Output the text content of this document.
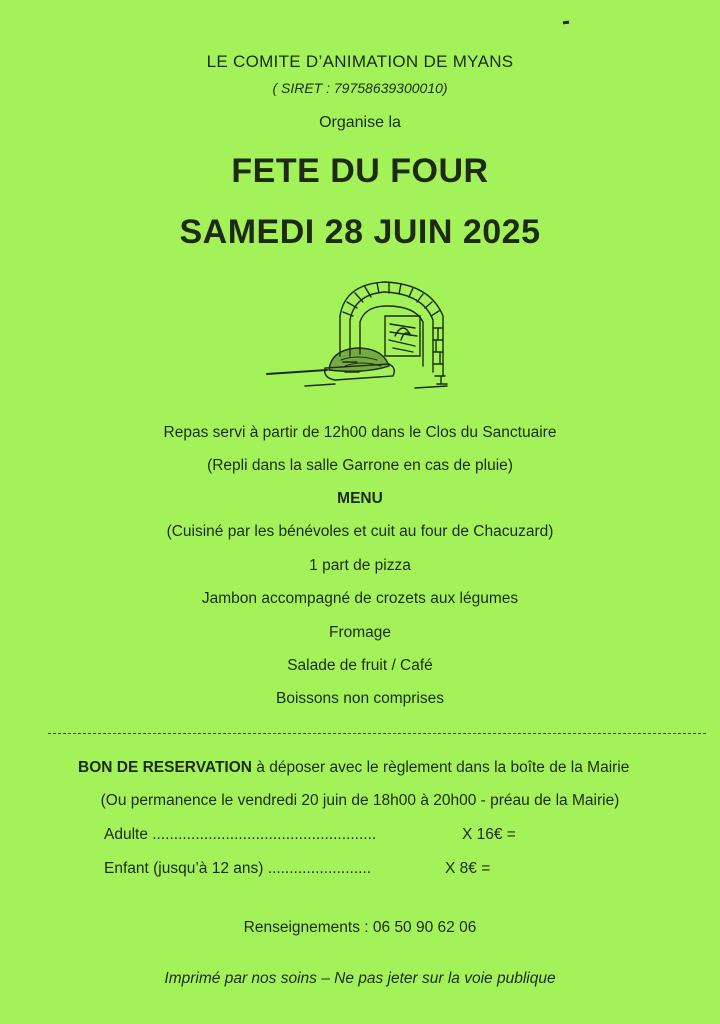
LE COMITE D’ANIMATION DE MYANS
( SIRET : 79758639300010)
Organise la
FETE DU FOUR
SAMEDI 28 JUIN 2025
Repas servi à partir de 12h00 dans le Clos du Sanctuaire
(Repli dans la salle Garrone en cas de pluie)
MENU
(Cuisiné par les bénévoles et cuit au four de Chacuzard)
1 part de pizza
Jambon accompagné de crozets aux légumes
Fromage
Salade de fruit / Café
Boissons non comprises
BON DE RESERVATION à déposer avec le règlement dans la boîte de la Mairie
(Ou permanence le vendredi 20 juin de 18h00 à 20h00 - préau de la Mairie)
Adulte ....................................................	X 16€ =
Enfant (jusqu’à 12 ans) ........................	X 8€ =
Renseignements : 06 50 90 62 06
Imprimé par nos soins – Ne pas jeter sur la voie publique
